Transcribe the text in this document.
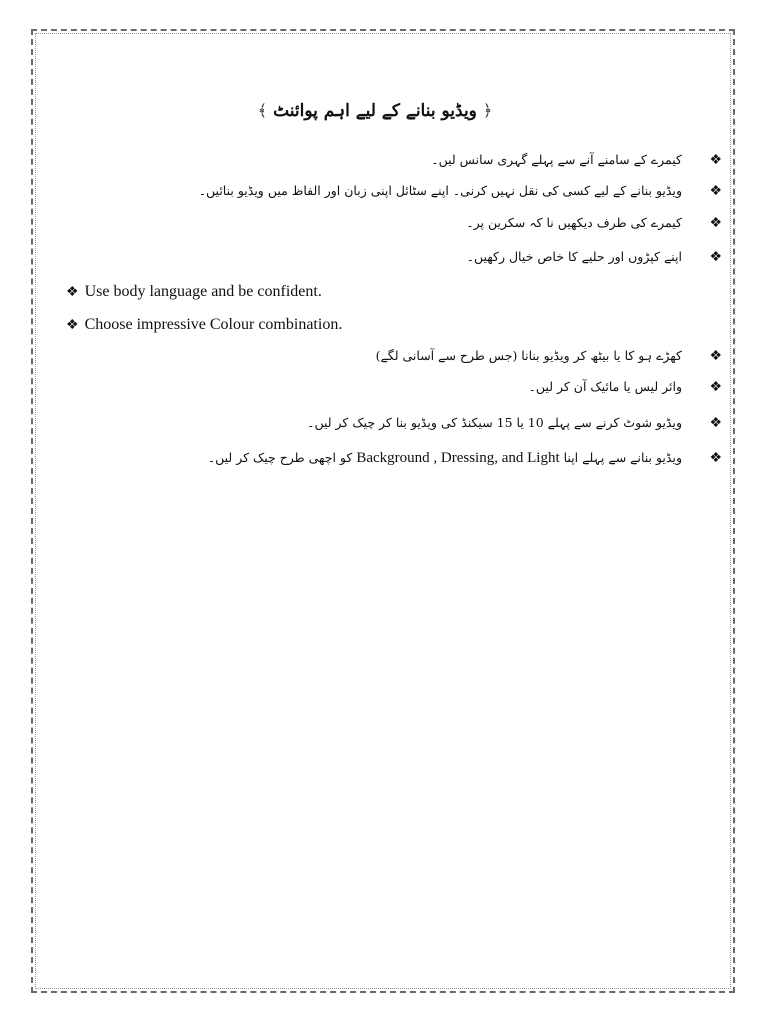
﴿ ویڈیو بنانے کے لیے اہم پوائنٹ ﴾
❖کیمرے کے سامنے آنے سے پہلے گہری سانس لیں۔
❖ویڈیو بنانے کے لیے کسی کی نقل نہیں کرنی۔ اپنے سٹائل اپنی زبان اور الفاظ میں ویڈیو بنائیں۔
❖کیمرے کی طرف دیکھیں نا کہ سکرین پر۔
❖اپنے کپڑوں اور حلیے کا خاص خیال رکھیں۔
❖ Use body language and be confident.
❖ Choose impressive Colour combination.
❖کھڑے ہو کا یا بیٹھ کر ویڈیو بنانا (جس طرح سے آسانی لگے)
❖وائر لیس یا مائیک آن کر لیں۔
❖ویڈیو شوٹ کرنے سے پہلے 10 یا 15 سیکنڈ کی ویڈیو بنا کر چیک کر لیں۔
❖ویڈیو بنانے سے پہلے اپنا Background , Dressing, and Light کو اچھی طرح چیک کر لیں۔
